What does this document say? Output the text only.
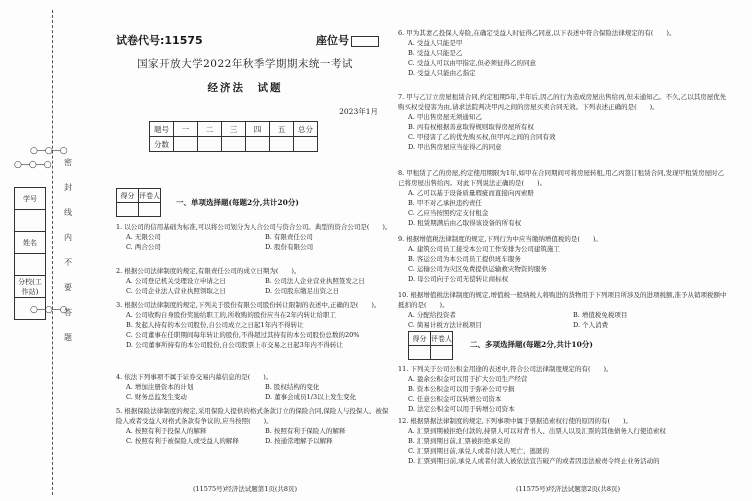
○—○—○
○—○—○
○—○—○ 密
封
线
内
不
要
答
题
学号

姓名

分校(工作站)

试卷代号:11575	座位号
国家开放大学2022年秋季学期期末统一考试
经济法　试题
2023年1月
题号	一	二	三	四	五	总分
分数						
得分	评卷人

一、单项选择题(每题2分,共计20分)
1. 以公司的信用基础为标准,可以将公司划分为人合公司与资合公司。典型的资合公司是(　　)。
A. 无限公司	B. 有限责任公司
C. 两合公司	D. 股份有限公司
2. 根据公司法律制度的规定,有限责任公司的成立日期为(　　)。
A. 公司登记机关受理设立申请之日	B. 公司法人企业营业执照签发之日
C. 公司企业法人营业执照领取之日	D. 公司股东缴足出资之日
3. 根据公司法律制度的规定,下列关于股份有限公司股份转让限制的表述中,正确的是(　　)。
A. 公司收购自身股份奖励给职工的,所收购的股份应当在2年内转让给职工
B. 发起人持有的本公司股份,自公司成立之日起1年内不得转让
C. 公司董事在任职期间每年转让的股份,不得超过其持有的本公司股份总数的20%
D. 公司董事所持有的本公司股份,自公司股票上市交易之日起3年内不得转让
4. 依法下列事项不属于证券交易内幕信息的是(　　)。
A. 增加注册资本的计划	B. 股权结构的变化
C. 财务总监发生变动	D. 董事会成员1/3以上发生变化
5. 根据保险法律制度的规定,采用保险人提供的格式条款订立的保险合同,保险人与投保人、被保险人或者受益人对格式条款有争议的,应当按照(　　)。
A. 按照有利于投保人的解释	B. 按照有利于保险人的解释
C. 按照有利于被保险人或受益人的解释	D. 按通常理解予以解释
(11575号)经济法试题第1页(共8页)
6. 甲为其妻乙投保人寿险,在确定受益人时征得乙同意,以下表述中符合保险法律规定的有(　　)。
A. 受益人只能是甲
B. 受益人只能是乙
C. 受益人可以由甲指定,但必须征得乙的同意
D. 受益人只能由乙指定
7. 甲与乙订立房屋租赁合同,约定租期5年,半年后,因乙的行为造成房屋出售给丙,但未通知乙。不久,乙以其房屋优先购买权受侵害为由,请求法院判决甲丙之间的房屋买卖合同无效。下列表述正确的是(　　)。
A. 甲出售房屋无须通知乙
B. 丙有权根据善意取得规则取得房屋所有权
C. 甲侵害了乙的优先购买权,但甲丙之间的合同有效
D. 甲出售房屋应当征得乙的同意
8. 甲租赁了乙的房屋,约定使用期限为1年,如甲在合同期间可将房屋转租,用乙丙签订租赁合同,发现甲租赁房屋时乙已将房屋出售给丙。对此下列说法正确的是(　　)。
A. 乙可以基于设备质量瑕疵而直接向丙索赔
B. 甲不对乙承担违约责任
C. 乙应当按照约定支付租金
D. 租赁期满后由乙取得该设备的所有权
9. 根据增值税法律制度的规定,下列行为中应当缴纳增值税的是(　　)。
A. 建筑公司员工接受本公司工作安排为公司建筑施工
B. 客运公司为本公司员工提供班车服务
C. 运输公司为灾区免费提供运输救灾物资的服务
D. 母公司向子公司无偿转让商标权
10. 根据增值税法律制度的规定,增值税一般纳税人将购进的货物用于下列项目所涉及的进项税额,准予从销项税额中抵扣的是(　　)。
A. 分配给投资者	B. 增值税免税项目
C. 简易计税方法计税项目	D. 个人消费
得分	评卷人

二、多项选择题(每题2分,共计10分)
11. 下列关于公司公积金用途的表述中,符合公司法律制度规定的有(　　)。
A. 盈余公积金可以用于扩大公司生产经营
B. 资本公积金可以用于弥补公司亏损
C. 任意公积金可以转增公司资本
D. 法定公积金可以用于转增公司资本
12. 根据票据法律制度的规定,下列事项中属于票据追索权行使的原因的有(　　)。
A. 汇票到期被拒绝付款的,持票人可以对背书人、出票人以及汇票的其他债务人行使追索权
B. 汇票到期日前,汇票被拒绝承兑的
C. 汇票到期日前,承兑人或者付款人死亡、逃匿的
D. 汇票到期日前,承兑人或者付款人被依法宣告破产的或者因违法被责令终止业务活动的
(11575号)经济法试题第2页(共8页)
